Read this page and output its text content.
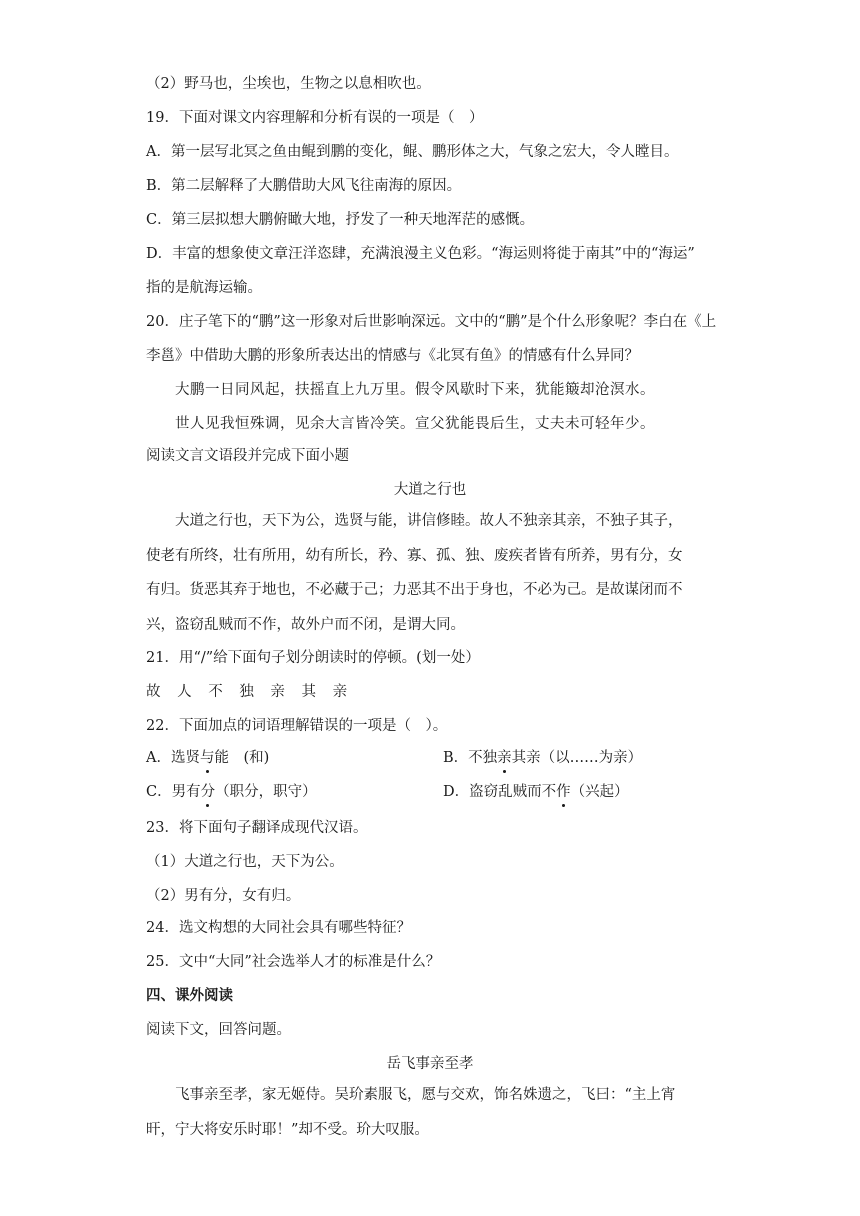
（2）野马也，尘埃也，生物之以息相吹也。
19．下面对课文内容理解和分析有误的一项是（　）
A．第一层写北冥之鱼由鲲到鹏的变化，鲲、鹏形体之大，气象之宏大，令人瞠目。
B．第二层解释了大鹏借助大风飞往南海的原因。
C．第三层拟想大鹏俯瞰大地，抒发了一种天地浑茫的感慨。
D．丰富的想象使文章汪洋恣肆，充满浪漫主义色彩。“海运则将徙于南其”中的“海运”
指的是航海运输。
20．庄子笔下的“鹏”这一形象对后世影响深远。文中的“鹏”是个什么形象呢？李白在《上
李邕》中借助大鹏的形象所表达出的情感与《北冥有鱼》的情感有什么异同？
大鹏一日同风起，扶摇直上九万里。假令风歇时下来，犹能簸却沧溟水。
世人见我恒殊调，见余大言皆冷笑。宣父犹能畏后生，丈夫未可轻年少。
阅读文言文语段并完成下面小题
大道之行也
大道之行也，天下为公，选贤与能，讲信修睦。故人不独亲其亲，不独子其子，使老有所终，壮有所用，幼有所长，矜、寡、孤、独、废疾者皆有所养，男有分，女有归。货恶其弃于地也，不必藏于己；力恶其不出于身也，不必为己。是故谋闭而不兴，盗窃乱贼而不作，故外户而不闭，是谓大同。
21．用“/”给下面句子划分朗读时的停顿。(划一处）
故 人 不 独 亲 其 亲
22．下面加点的词语理解错误的一项是（　）。
A．选贤与能　(和)	B．不独亲其亲（以……为亲）
C．男有分（职分，职守）	D．盗窃乱贼而不作（兴起）
23．将下面句子翻译成现代汉语。
（1）大道之行也，天下为公。
（2）男有分，女有归。
24．选文构想的大同社会具有哪些特征？
25．文中“大同”社会选举人才的标准是什么？
四、课外阅读
阅读下文，回答问题。
岳飞事亲至孝
飞事亲至孝，家无姬侍。吴玠素服飞，愿与交欢，饰名姝遗之，飞曰：“主上宵旰，宁大将安乐时耶！”却不受。玠大叹服。
